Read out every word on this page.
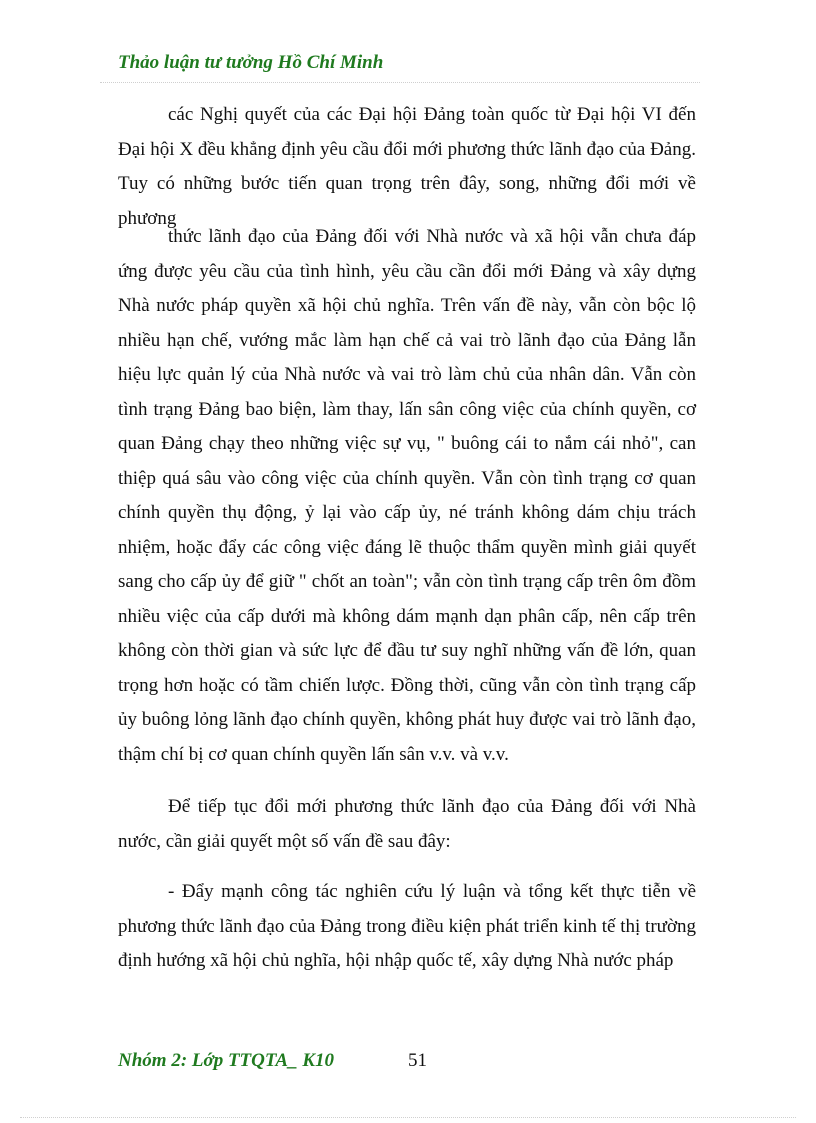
Thảo luận tư tưởng Hồ Chí Minh

các Nghị quyết của các Đại hội Đảng toàn quốc từ Đại hội VI đến Đại hội X đều khẳng định yêu cầu đổi mới phương thức lãnh đạo của Đảng. Tuy có những bước tiến quan trọng trên đây, song, những đổi mới về phương

thức lãnh đạo của Đảng đối với Nhà nước và xã hội vẫn chưa đáp ứng được yêu cầu của tình hình, yêu cầu cần đổi mới Đảng và xây dựng Nhà nước pháp quyền xã hội chủ nghĩa. Trên vấn đề này, vẫn còn bộc lộ nhiều hạn chế, vướng mắc làm hạn chế cả vai trò lãnh đạo của Đảng lẫn hiệu lực quản lý của Nhà nước và vai trò làm chủ của nhân dân. Vẫn còn tình trạng Đảng bao biện, làm thay, lấn sân công việc của chính quyền, cơ quan Đảng chạy theo những việc sự vụ, " buông cái to nắm cái nhỏ", can thiệp quá sâu vào công việc của chính quyền. Vẫn còn tình trạng cơ quan chính quyền thụ động, ỷ lại vào cấp ủy, né tránh không dám chịu trách nhiệm, hoặc đẩy các công việc đáng lẽ thuộc thẩm quyền mình giải quyết sang cho cấp ủy để giữ " chốt an toàn"; vẫn còn tình trạng cấp trên ôm đồm nhiều việc của cấp dưới mà không dám mạnh dạn phân cấp, nên cấp trên không còn thời gian và sức lực để đầu tư suy nghĩ những vấn đề lớn, quan trọng hơn hoặc có tầm chiến lược. Đồng thời, cũng vẫn còn tình trạng cấp ủy buông lỏng lãnh đạo chính quyền, không phát huy được vai trò lãnh đạo, thậm chí bị cơ quan chính quyền lấn sân v.v. và v.v.

Để tiếp tục đổi mới phương thức lãnh đạo của Đảng đối với Nhà nước, cần giải quyết một số vấn đề sau đây:

- Đẩy mạnh công tác nghiên cứu lý luận và tổng kết thực tiễn về phương thức lãnh đạo của Đảng trong điều kiện phát triển kinh tế thị trường định hướng xã hội chủ nghĩa, hội nhập quốc tế, xây dựng Nhà nước pháp

Nhóm 2: Lớp TTQTA_ K10	51
